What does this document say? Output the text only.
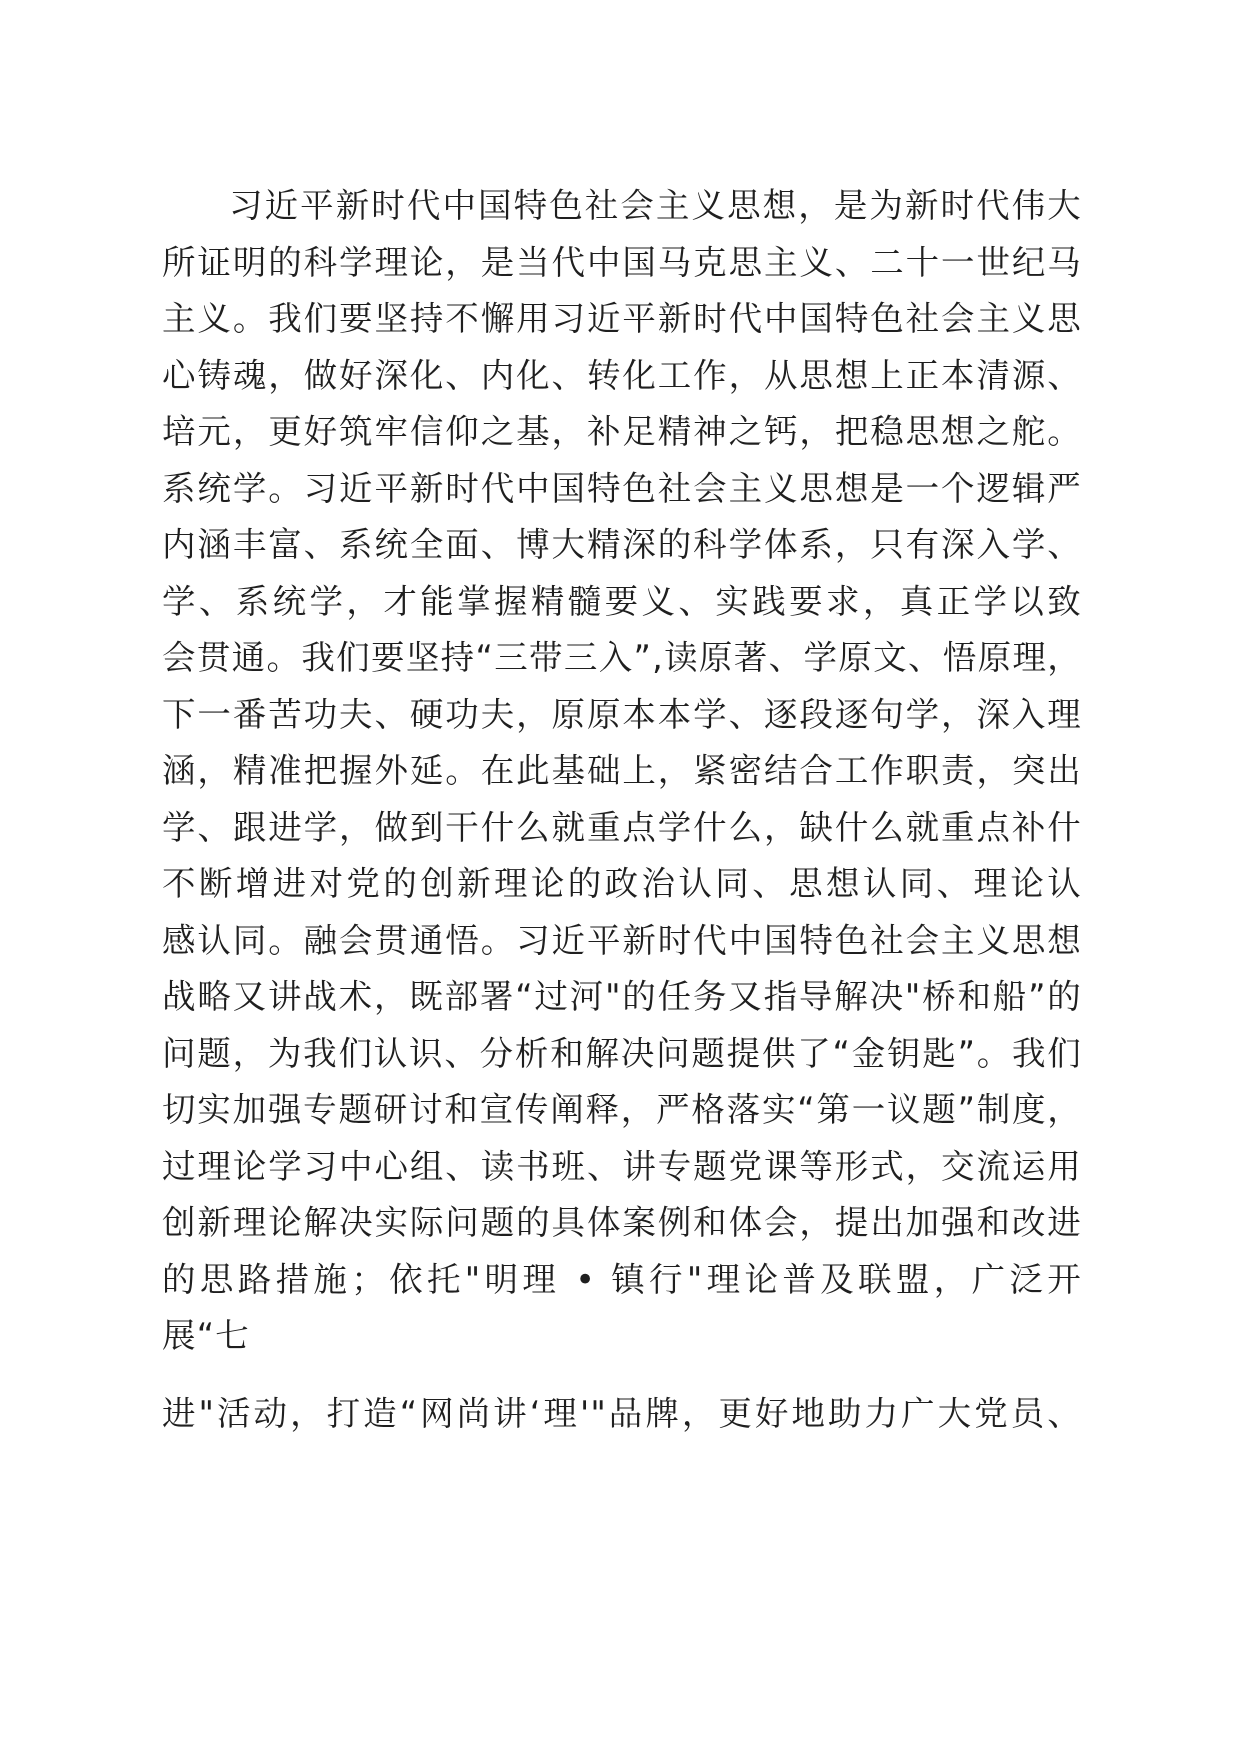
习近平新时代中国特色社会主义思想，是为新时代伟大
所证明的科学理论，是当代中国马克思主义、二十一世纪马
主义。我们要坚持不懈用习近平新时代中国特色社会主义思
心铸魂，做好深化、内化、转化工作，从思想上正本清源、
培元，更好筑牢信仰之基，补足精神之钙，把稳思想之舵。
系统学。习近平新时代中国特色社会主义思想是一个逻辑严
内涵丰富、系统全面、博大精深的科学体系，只有深入学、
学、系统学，才能掌握精髓要义、实践要求，真正学以致
会贯通。我们要坚持“三带三入”,读原著、学原文、悟原理，
下一番苦功夫、硬功夫，原原本本学、逐段逐句学，深入理
涵，精准把握外延。在此基础上，紧密结合工作职责，突出
学、跟进学，做到干什么就重点学什么，缺什么就重点补什
不断增进对党的创新理论的政治认同、思想认同、理论认
感认同。融会贯通悟。习近平新时代中国特色社会主义思想
战略又讲战术，既部署“过河"的任务又指导解决"桥和船”的
问题，为我们认识、分析和解决问题提供了“金钥匙”。我们
切实加强专题研讨和宣传阐释，严格落实“第一议题”制度，
过理论学习中心组、读书班、讲专题党课等形式，交流运用
创新理论解决实际问题的具体案例和体会，提出加强和改进
的思路措施；依托"明理 • 镇行"理论普及联盟，广泛开
展“七
进"活动，打造“网尚讲‘理'"品牌，更好地助力广大党员、
